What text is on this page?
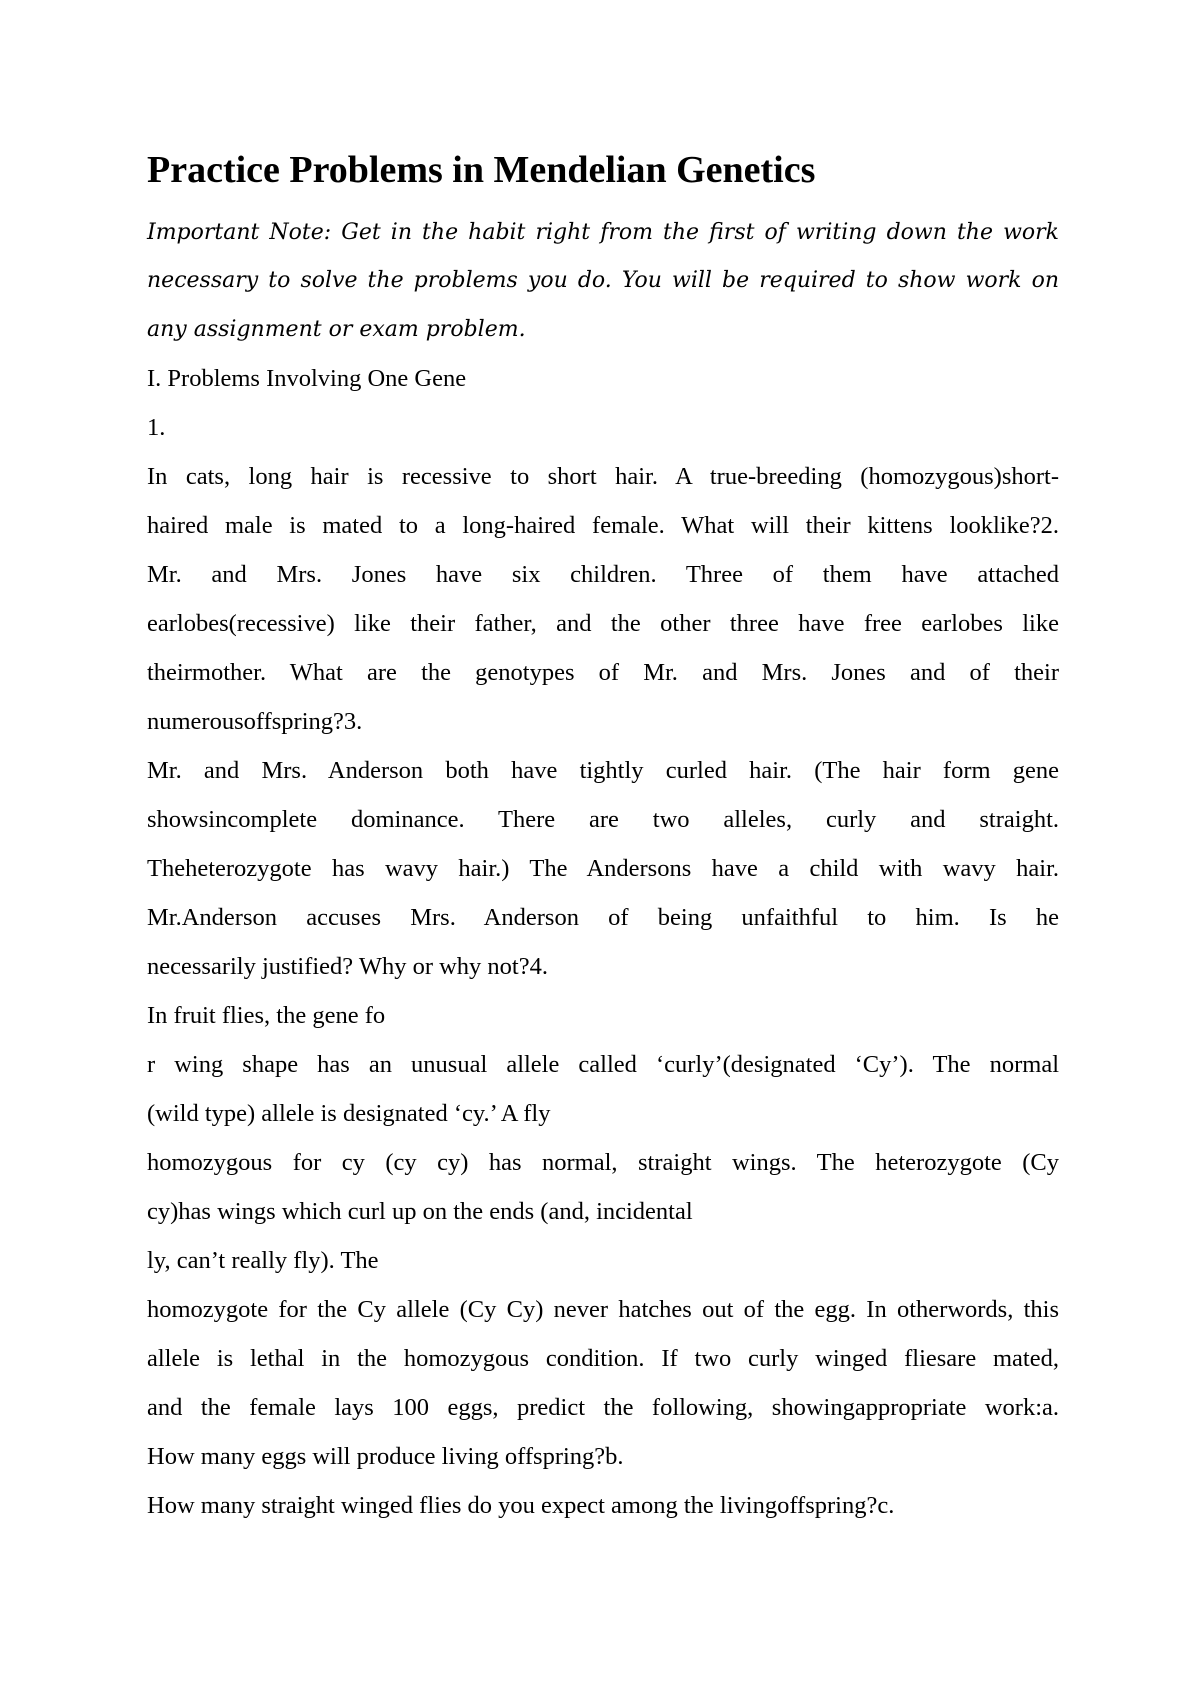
Practice Problems in Mendelian Genetics
Important Note: Get in the habit right from the first of writing down the work
necessary to solve the problems you do. You will be required to show work on
any assignment or exam problem.
I. Problems Involving One Gene
1.
In cats, long hair is recessive to short hair. A true-breeding (homozygous)short-
haired male is mated to a long-haired female. What will their kittens looklike?2.
Mr. and Mrs. Jones have six children. Three of them have attached
earlobes(recessive) like their father, and the other three have free earlobes like
theirmother. What are the genotypes of Mr. and Mrs. Jones and of their
numerousoffspring?3.
Mr. and Mrs. Anderson both have tightly curled hair. (The hair form gene
showsincomplete dominance. There are two alleles, curly and straight.
Theheterozygote has wavy hair.) The Andersons have a child with wavy hair.
Mr.Anderson accuses Mrs. Anderson of being unfaithful to him. Is he
necessarily justified? Why or why not?4.
In fruit flies, the gene fo
r wing shape has an unusual allele called ‘curly’(designated ‘Cy’). The normal
(wild type) allele is designated ‘cy.’ A fly
homozygous for cy (cy cy) has normal, straight wings. The heterozygote (Cy
cy)has wings which curl up on the ends (and, incidental
ly, can’t really fly). The
homozygote for the Cy allele (Cy Cy) never hatches out of the egg. In otherwords, this
allele is lethal in the homozygous condition. If two curly winged fliesare mated,
and the female lays 100 eggs, predict the following, showingappropriate work:a.
How many eggs will produce living offspring?b.
How many straight winged flies do you expect among the livingoffspring?c.
